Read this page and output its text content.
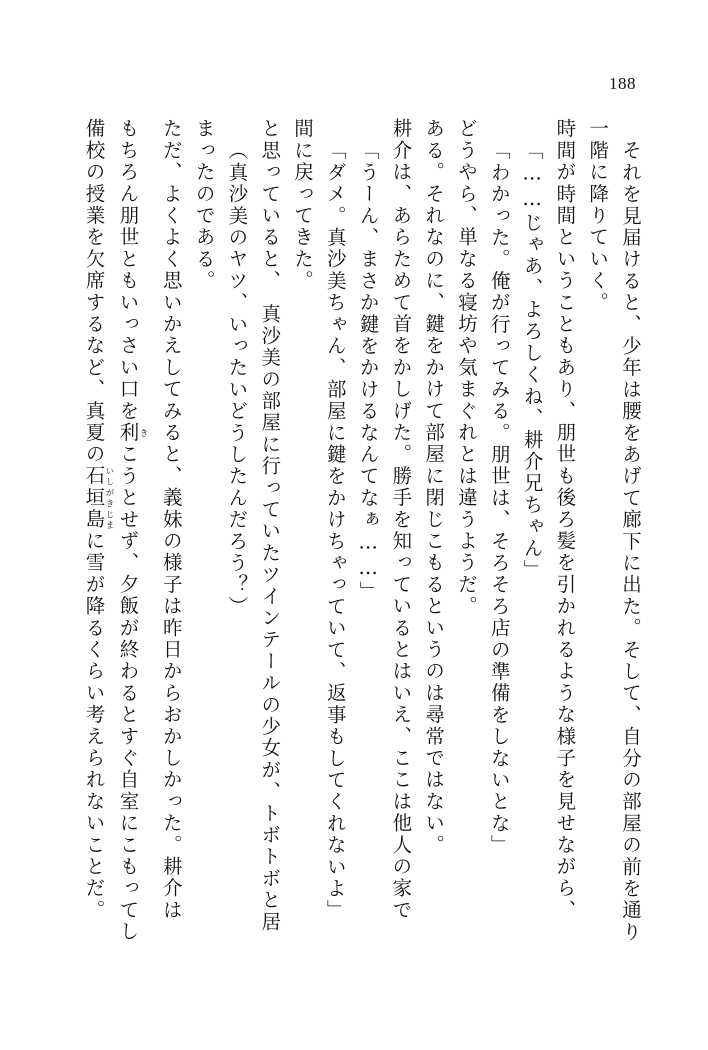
188
備校の授業を欠席するなど、真夏の石垣島いしがきじまに雪が降るくらい考えられないことだ。
もちろん朋世ともいっさい口を利きこうとせず、夕飯が終わるとすぐ自室にこもってし	ただ、よくよく思いかえしてみると、義妹の様子は昨日からおかしかった。耕介は まったのである。 （真沙美のヤツ、いったいどうしたんだろう？） と思っていると、　真沙美の部屋に行っていたツインテールの少女が、トボトボと居 間に戻ってきた。 「ダメ。真沙美ちゃん、部屋に鍵をかけちゃっていて、返事もしてくれないよ」 「うーん、まさか鍵をかけるなんてなぁ……」 耕介は、あらためて首をかしげた。勝手を知っているとはいえ、ここは他人の家で ある。それなのに、鍵をかけて部屋に閉じこもるというのは尋常ではない。 どうやら、単なる寝坊や気まぐれとは違うようだ。 「わかった。俺が行ってみる。朋世は、そろそろ店の準備をしないとな」 「……じゃあ、よろしくね、耕介兄ちゃん」 時間が時間ということもあり、朋世も後ろ髪を引かれるような様子を見せながら、 一階に降りていく。 それを見届けると、少年は腰をあげて廊下に出た。そして、自分の部屋の前を通り
